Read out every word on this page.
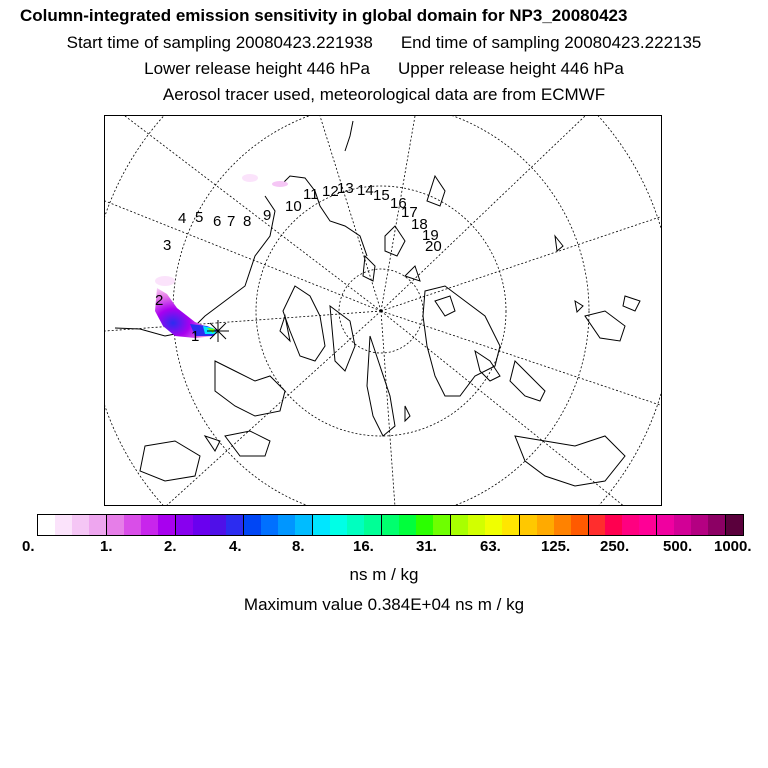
Column-integrated emission sensitivity in global domain for NP3_20080423
Start time of sampling 20080423.221938 End time of sampling 20080423.222135
Lower release height 446 hPa Upper release height 446 hPa
Aerosol tracer used, meteorological data are from ECMWF
1
2
3
4 5 6 7 8 9
10
11 12
13 14 15 16
17
18
19
20
0.	1.	2.	4.	8.	16.	31.	63.	125. 250. 500. 1000.
ns m / kg
Maximum value 0.384E+04 ns m / kg
